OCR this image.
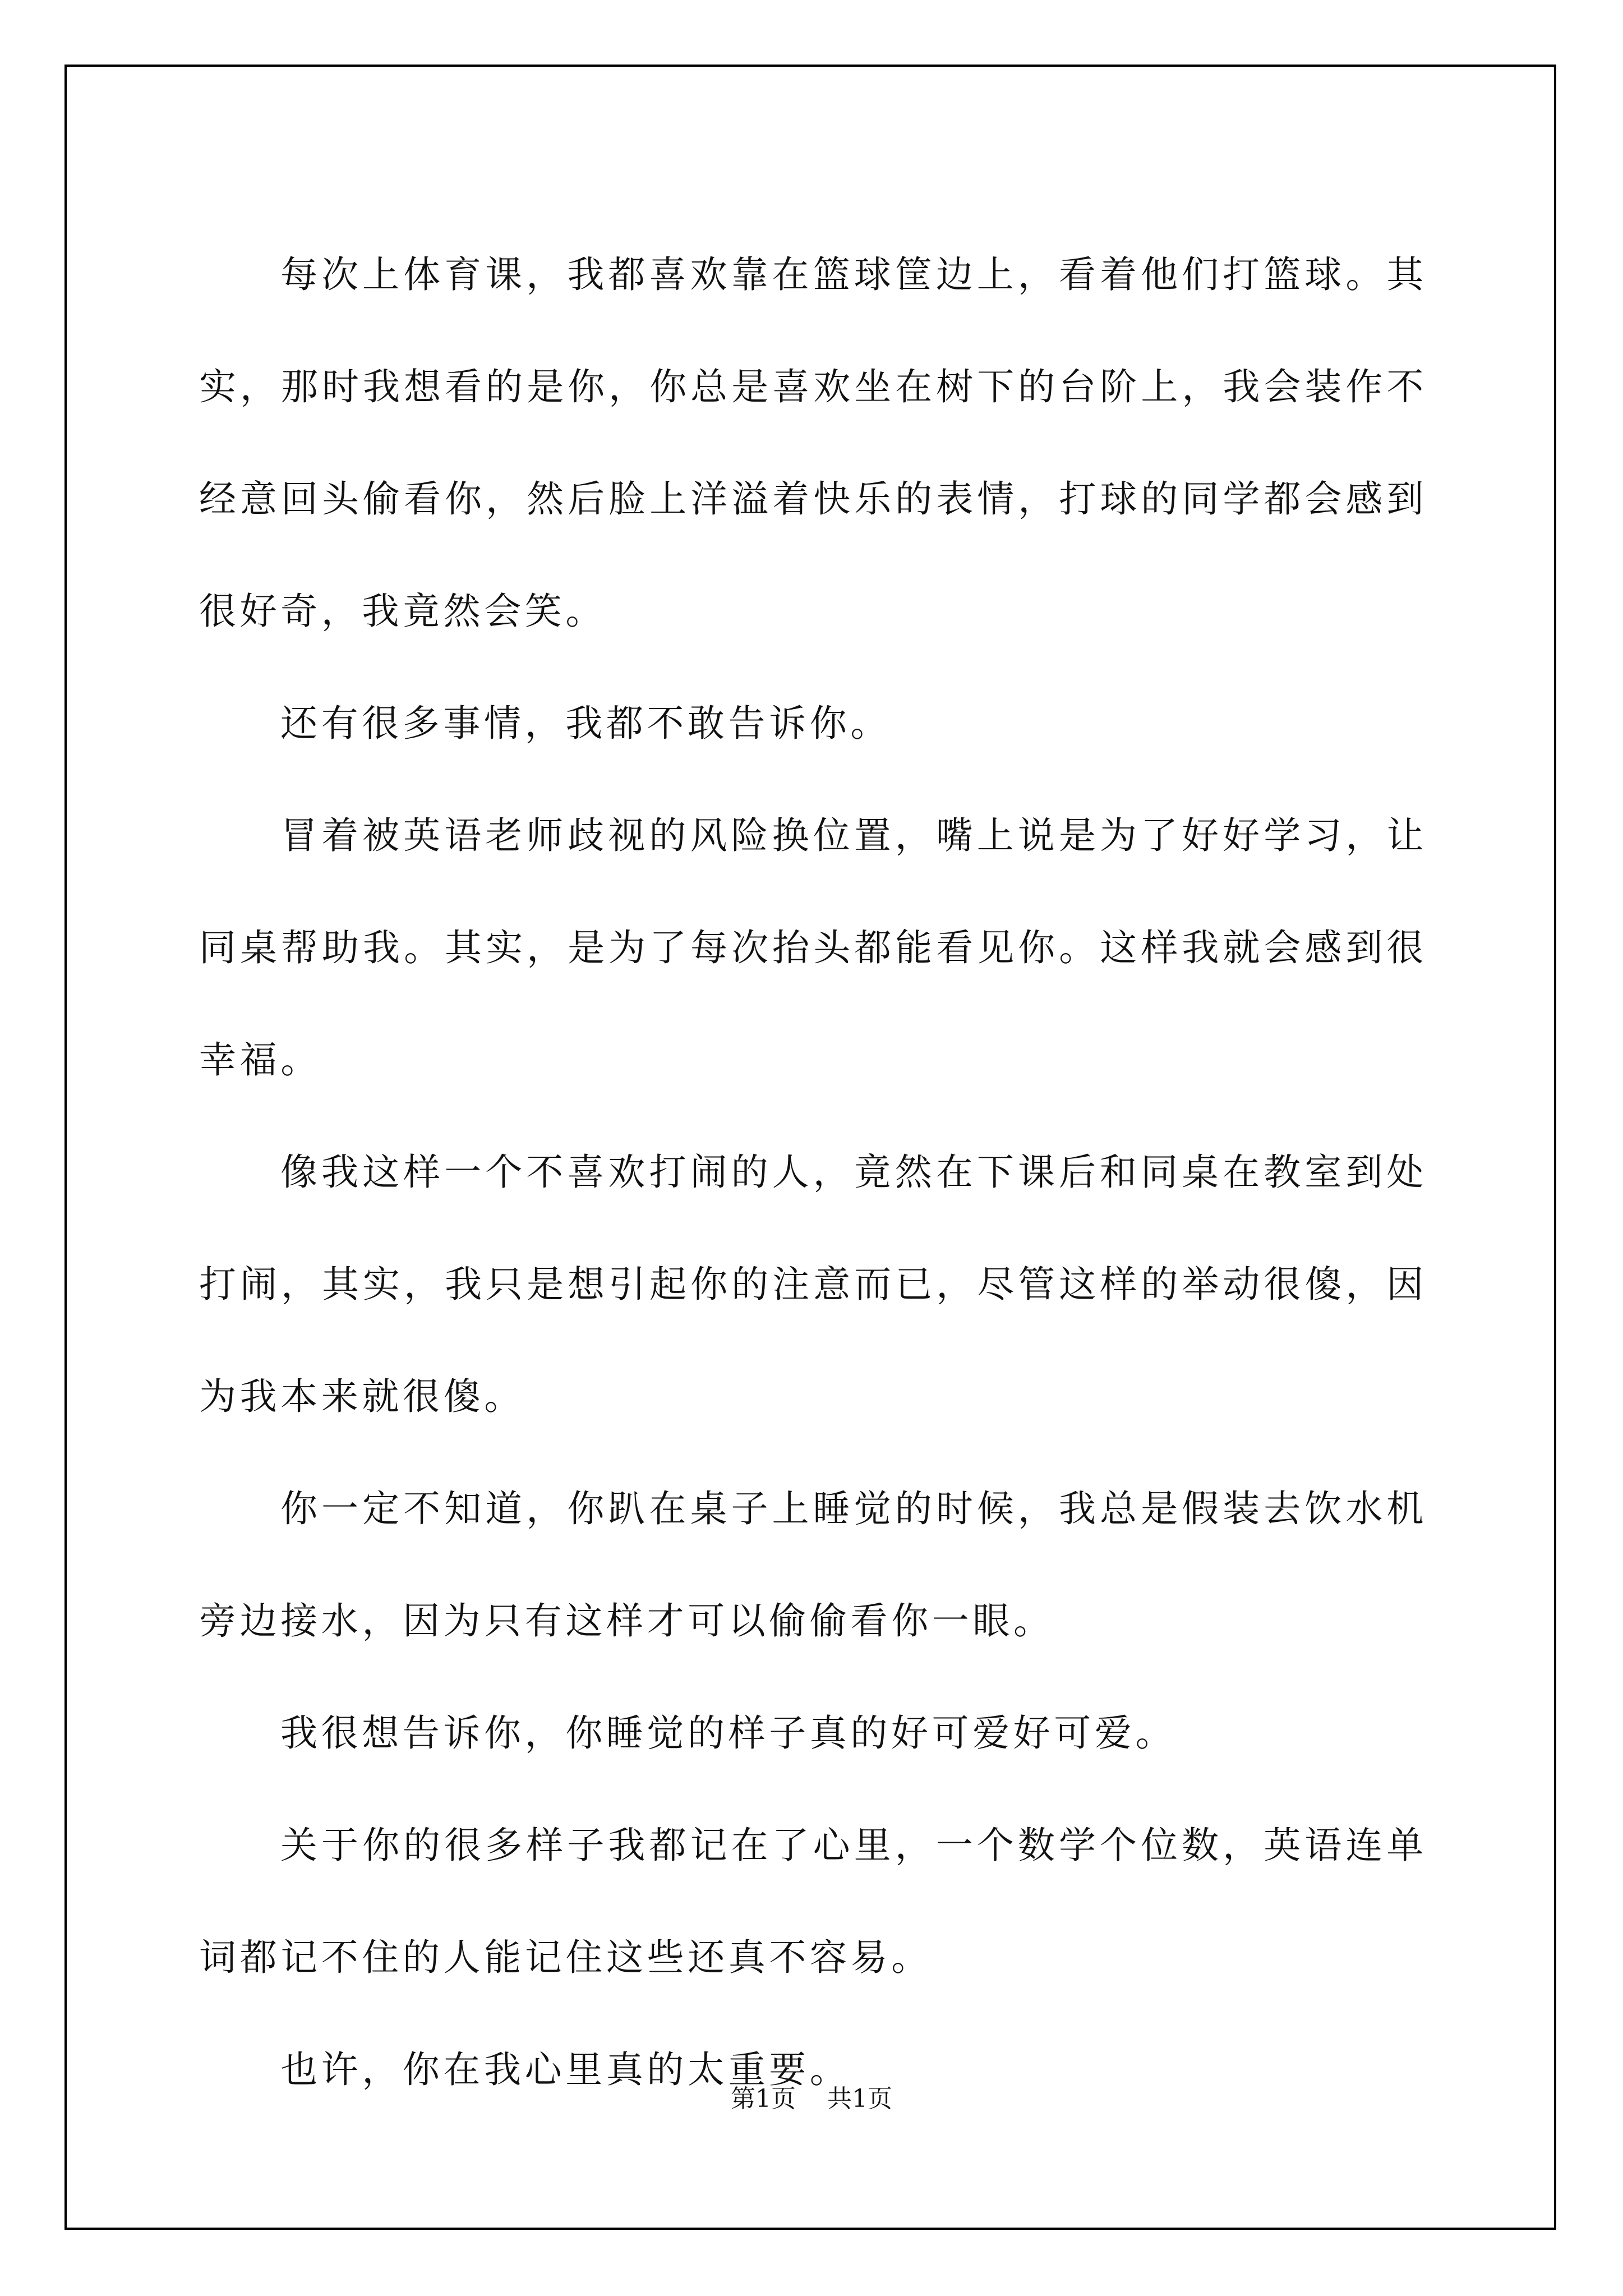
每次上体育课，我都喜欢靠在篮球筐边上，看着他们打篮球。其实，那时我想看的是你，你总是喜欢坐在树下的台阶上，我会装作不经意回头偷看你，然后脸上洋溢着快乐的表情，打球的同学都会感到很好奇，我竟然会笑。

还有很多事情，我都不敢告诉你。

冒着被英语老师歧视的风险换位置，嘴上说是为了好好学习，让同桌帮助我。其实，是为了每次抬头都能看见你。这样我就会感到很幸福。

像我这样一个不喜欢打闹的人，竟然在下课后和同桌在教室到处打闹，其实，我只是想引起你的注意而已，尽管这样的举动很傻，因为我本来就很傻。

你一定不知道，你趴在桌子上睡觉的时候，我总是假装去饮水机旁边接水，因为只有这样才可以偷偷看你一眼。

我很想告诉你，你睡觉的样子真的好可爱好可爱。

关于你的很多样子我都记在了心里，一个数学个位数，英语连单词都记不住的人能记住这些还真不容易。

也许，你在我心里真的太重要。

第1页 共1页
